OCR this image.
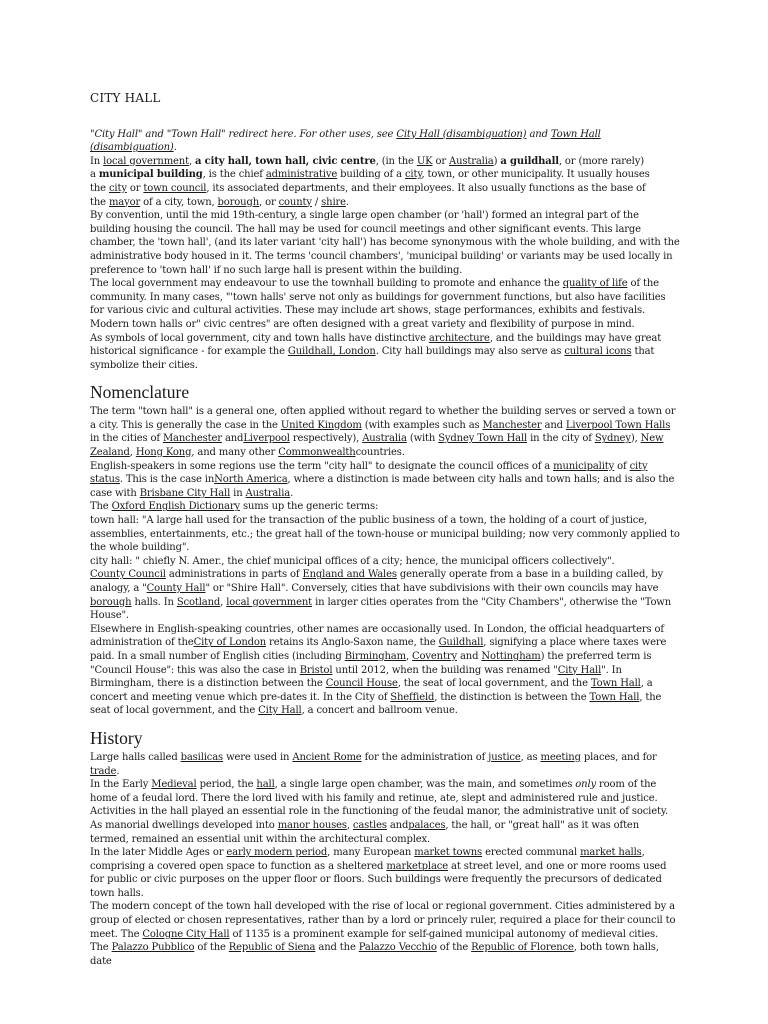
CITY HALL

"City Hall" and "Town Hall" redirect here. For other uses, see City Hall (disambiguation) and Town Hall (disambiguation).

In local government, a city hall, town hall, civic centre, (in the UK or Australia) a guildhall, or (more rarely)
a municipal building, is the chief administrative building of a city, town, or other municipality. It usually houses
the city or town council, its associated departments, and their employees. It also usually functions as the base of
the mayor of a city, town, borough, or county / shire.

By convention, until the mid 19th-century, a single large open chamber (or 'hall') formed an integral part of the building housing the council. The hall may be used for council meetings and other significant events. This large chamber, the 'town hall', (and its later variant 'city hall') has become synonymous with the whole building, and with the administrative body housed in it. The terms 'council chambers', 'municipal building' or variants may be used locally in preference to 'town hall' if no such large hall is present within the building.

The local government may endeavour to use the townhall building to promote and enhance the quality of life of the community. In many cases, "'town halls' serve not only as buildings for government functions, but also have facilities for various civic and cultural activities. These may include art shows, stage performances, exhibits and festivals. Modern town halls or" civic centres" are often designed with a great variety and flexibility of purpose in mind.

As symbols of local government, city and town halls have distinctive architecture, and the buildings may have great historical significance - for example the Guildhall, London. City hall buildings may also serve as cultural icons that symbolize their cities.

Nomenclature

The term "town hall" is a general one, often applied without regard to whether the building serves or served a town or a city. This is generally the case in the United Kingdom (with examples such as Manchester and Liverpool Town Halls in the cities of Manchester andLiverpool respectively), Australia (with Sydney Town Hall in the city of Sydney), New Zealand, Hong Kong, and many other Commonwealthcountries.

English-speakers in some regions use the term "city hall" to designate the council offices of a municipality of city status. This is the case inNorth America, where a distinction is made between city halls and town halls; and is also the case with Brisbane City Hall in Australia.

The Oxford English Dictionary sums up the generic terms:

town hall: "A large hall used for the transaction of the public business of a town, the holding of a court of justice, assemblies, entertainments, etc.; the great hall of the town-house or municipal building; now very commonly applied to the whole building".

city hall: " chiefly N. Amer., the chief municipal offices of a city; hence, the municipal officers collectively".

County Council administrations in parts of England and Wales generally operate from a base in a building called, by analogy, a "County Hall" or "Shire Hall". Conversely, cities that have subdivisions with their own councils may have borough halls. In Scotland, local government in larger cities operates from the "City Chambers", otherwise the "Town House".

Elsewhere in English-speaking countries, other names are occasionally used. In London, the official headquarters of administration of theCity of London retains its Anglo-Saxon name, the Guildhall, signifying a place where taxes were paid. In a small number of English cities (including Birmingham, Coventry and Nottingham) the preferred term is "Council House": this was also the case in Bristol until 2012, when the building was renamed "City Hall". In Birmingham, there is a distinction between the Council House, the seat of local government, and the Town Hall, a concert and meeting venue which pre-dates it. In the City of Sheffield, the distinction is between the Town Hall, the seat of local government, and the City Hall, a concert and ballroom venue.

History

Large halls called basilicas were used in Ancient Rome for the administration of justice, as meeting places, and for trade.

In the Early Medieval period, the hall, a single large open chamber, was the main, and sometimes only room of the home of a feudal lord. There the lord lived with his family and retinue, ate, slept and administered rule and justice. Activities in the hall played an essential role in the functioning of the feudal manor, the administrative unit of society. As manorial dwellings developed into manor houses, castles andpalaces, the hall, or "great hall" as it was often termed, remained an essential unit within the architectural complex.

In the later Middle Ages or early modern period, many European market towns erected communal market halls, comprising a covered open space to function as a sheltered marketplace at street level, and one or more rooms used for public or civic purposes on the upper floor or floors. Such buildings were frequently the precursors of dedicated town halls.

The modern concept of the town hall developed with the rise of local or regional government. Cities administered by a group of elected or chosen representatives, rather than by a lord or princely ruler, required a place for their council to meet. The Cologne City Hall of 1135 is a prominent example for self-gained municipal autonomy of medieval cities.

The Palazzo Pubblico of the Republic of Siena and the Palazzo Vecchio of the Republic of Florence, both town halls, date
